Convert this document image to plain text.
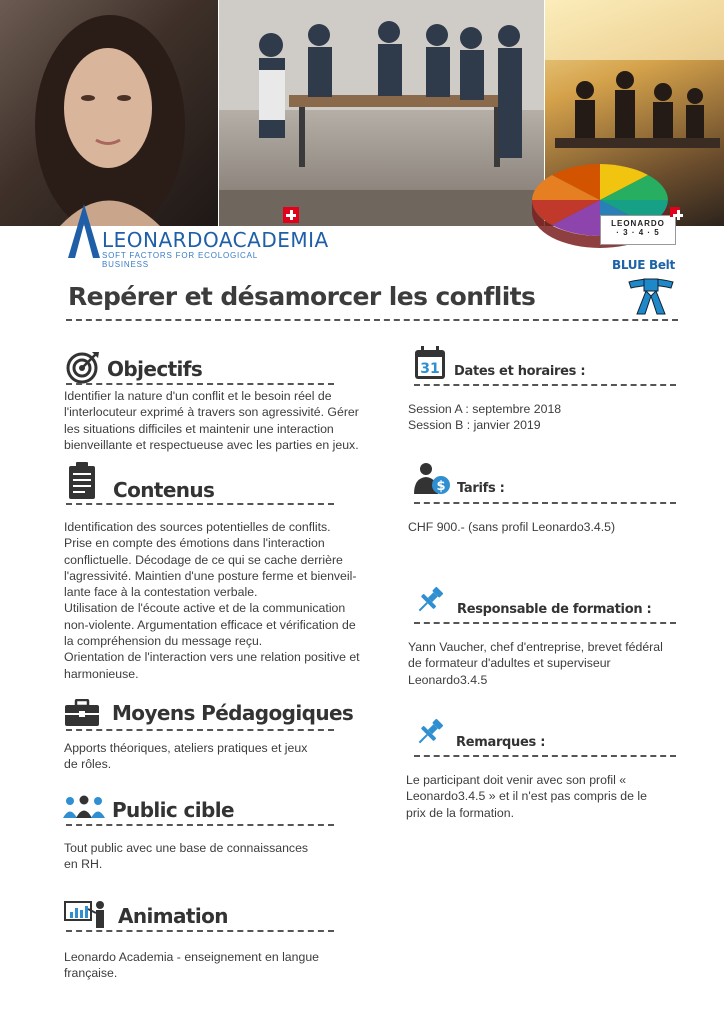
LEONARDO
· 3 · 4 · 5
LEONARDOACADEMIA
SOFT FACTORS FOR ECOLOGICAL BUSINESS	BLUE Belt
Repérer et désamorcer les conflits
Objectifs
Identifier la nature d'un conflit et le besoin réel de
l'interlocuteur exprimé à travers son agressivité. Gérer
les situations difficiles et maintenir une interaction
bienveillante et respectueuse avec les parties en jeux.
Contenus
Identification des sources potentielles de conflits.
Prise en compte des émotions dans l'interaction
conflictuelle. Décodage de ce qui se cache derrière
l'agressivité. Maintien d'une posture ferme et bienveil-
lante face à la contestation verbale.
Utilisation de l'écoute active et de la communication
non-violente. Argumentation efficace et vérification de
la compréhension du message reçu.
Orientation de l'interaction vers une relation positive et
harmonieuse.
Moyens Pédagogiques
Apports théoriques, ateliers pratiques et jeux
de rôles.
Public cible
Tout public avec une base de connaissances
en RH.
Animation
Leonardo Academia - enseignement en langue
française.
31 Dates et horaires :
Session A : septembre 2018
Session B : janvier 2019
$ Tarifs :
CHF 900.- (sans profil Leonardo3.4.5)
Responsable de formation :
Yann Vaucher, chef d'entreprise, brevet fédéral
de formateur d'adultes et superviseur
Leonardo3.4.5
Remarques :
Le participant doit venir avec son profil «
Leonardo3.4.5 » et il n'est pas compris de le
prix de la formation.
